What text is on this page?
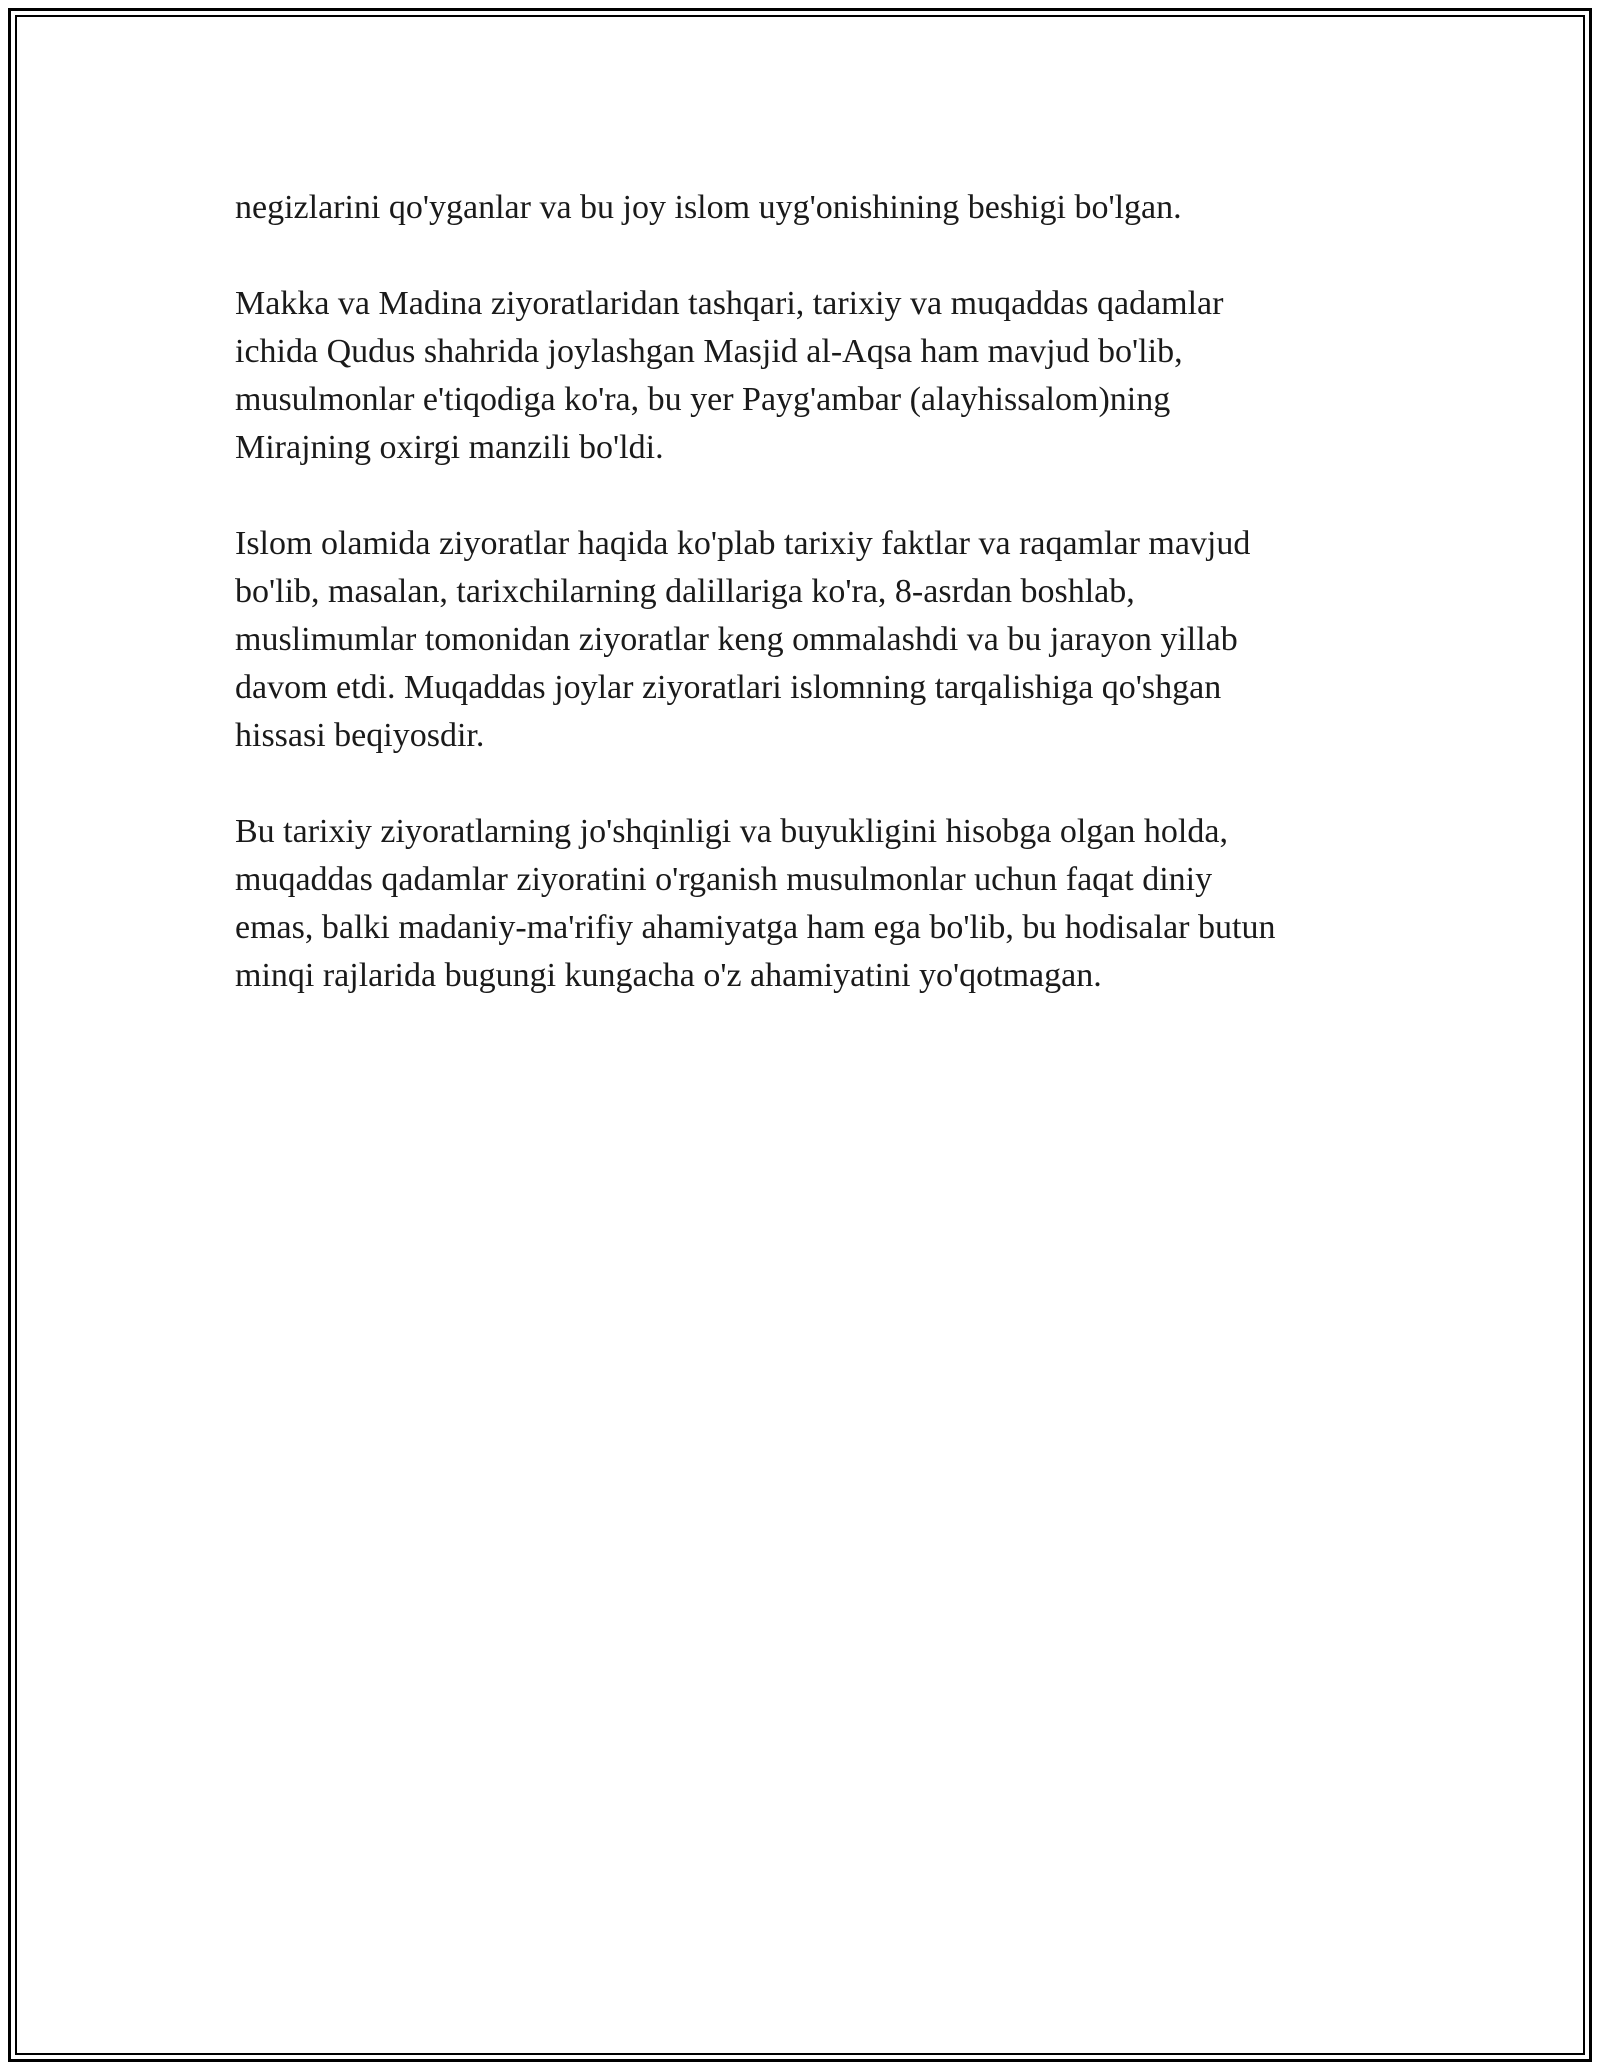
negizlarini qo'yganlar va bu joy islom uyg'onishining beshigi bo'lgan.

Makka va Madina ziyoratlaridan tashqari, tarixiy va muqaddas qadamlar
ichida Qudus shahrida joylashgan Masjid al-Aqsa ham mavjud bo'lib,
musulmonlar e'tiqodiga ko'ra, bu yer Payg'ambar (alayhissalom)ning
Mirajning oxirgi manzili bo'ldi.

Islom olamida ziyoratlar haqida ko'plab tarixiy faktlar va raqamlar mavjud
bo'lib, masalan, tarixchilarning dalillariga ko'ra, 8-asrdan boshlab,
muslimumlar tomonidan ziyoratlar keng ommalashdi va bu jarayon yillab
davom etdi. Muqaddas joylar ziyoratlari islomning tarqalishiga qo'shgan
hissasi beqiyosdir.

Bu tarixiy ziyoratlarning jo'shqinligi va buyukligini hisobga olgan holda,
muqaddas qadamlar ziyoratini o'rganish musulmonlar uchun faqat diniy
emas, balki madaniy-ma'rifiy ahamiyatga ham ega bo'lib, bu hodisalar butun
minqi rajlarida bugungi kungacha o'z ahamiyatini yo'qotmagan.
